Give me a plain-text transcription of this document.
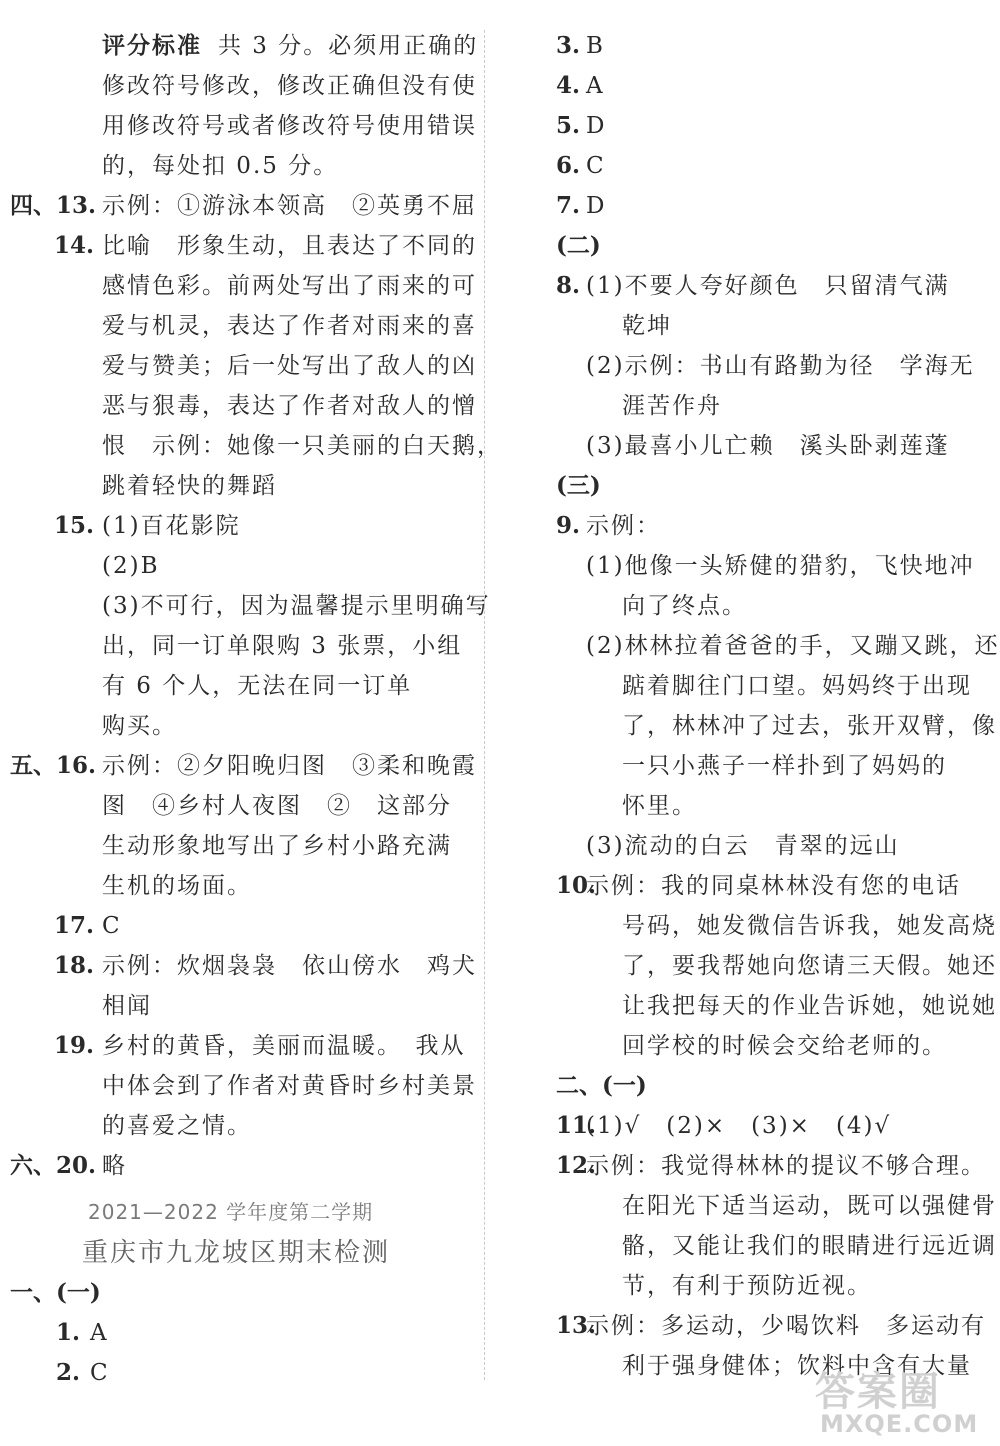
评分标准 共 3 分。必须用正确的
修改符号修改，修改正确但没有使
用修改符号或者修改符号使用错误
的，每处扣 0.5 分。
四、13. 示例：①游泳本领高　②英勇不屈
14. 比喻　形象生动，且表达了不同的
感情色彩。前两处写出了雨来的可
爱与机灵，表达了作者对雨来的喜
爱与赞美；后一处写出了敌人的凶
恶与狠毒，表达了作者对敌人的憎
恨　示例：她像一只美丽的白天鹅，
跳着轻快的舞蹈
15. (1)百花影院
(2)B
(3)不可行，因为温馨提示里明确写
出，同一订单限购 3 张票，小组
有 6 个人，无法在同一订单
购买。
五、16. 示例：②夕阳晚归图　③柔和晚霞
图　④乡村人夜图　②　这部分
生动形象地写出了乡村小路充满
生机的场面。
17. C
18. 示例：炊烟袅袅　依山傍水　鸡犬
相闻
19. 乡村的黄昏，美丽而温暖。　我从
中体会到了作者对黄昏时乡村美景
的喜爱之情。
六、20. 略
一、(一)
1. A
2. C
3. B
4. A
5. D
6. C
7. D
(二)
8. (1)不要人夸好颜色　只留清气满
乾坤
(2)示例：书山有路勤为径　学海无
涯苦作舟
(3)最喜小儿亡赖　溪头卧剥莲蓬
(三)
9. 示例：
(1)他像一头矫健的猎豹，飞快地冲
向了终点。
(2)林林拉着爸爸的手，又蹦又跳，还
踮着脚往门口望。妈妈终于出现
了，林林冲了过去，张开双臂，像
一只小燕子一样扑到了妈妈的
怀里。
(3)流动的白云　青翠的远山
10.
示例：我的同桌林林没有您的电话
号码，她发微信告诉我，她发高烧
了，要我帮她向您请三天假。她还
让我把每天的作业告诉她，她说她
回学校的时候会交给老师的。
二、(一)
11.
(1)√　(2)×　(3)×　(4)√
12.
示例：我觉得林林的提议不够合理。
在阳光下适当运动，既可以强健骨
骼，又能让我们的眼睛进行远近调
节，有利于预防近视。
13.
示例：多运动，少喝饮料　多运动有
利于强身健体；饮料中含有大量
2021—2022 学年度第二学期
重庆市九龙坡区期末检测
答案圈
MXQE.COM
